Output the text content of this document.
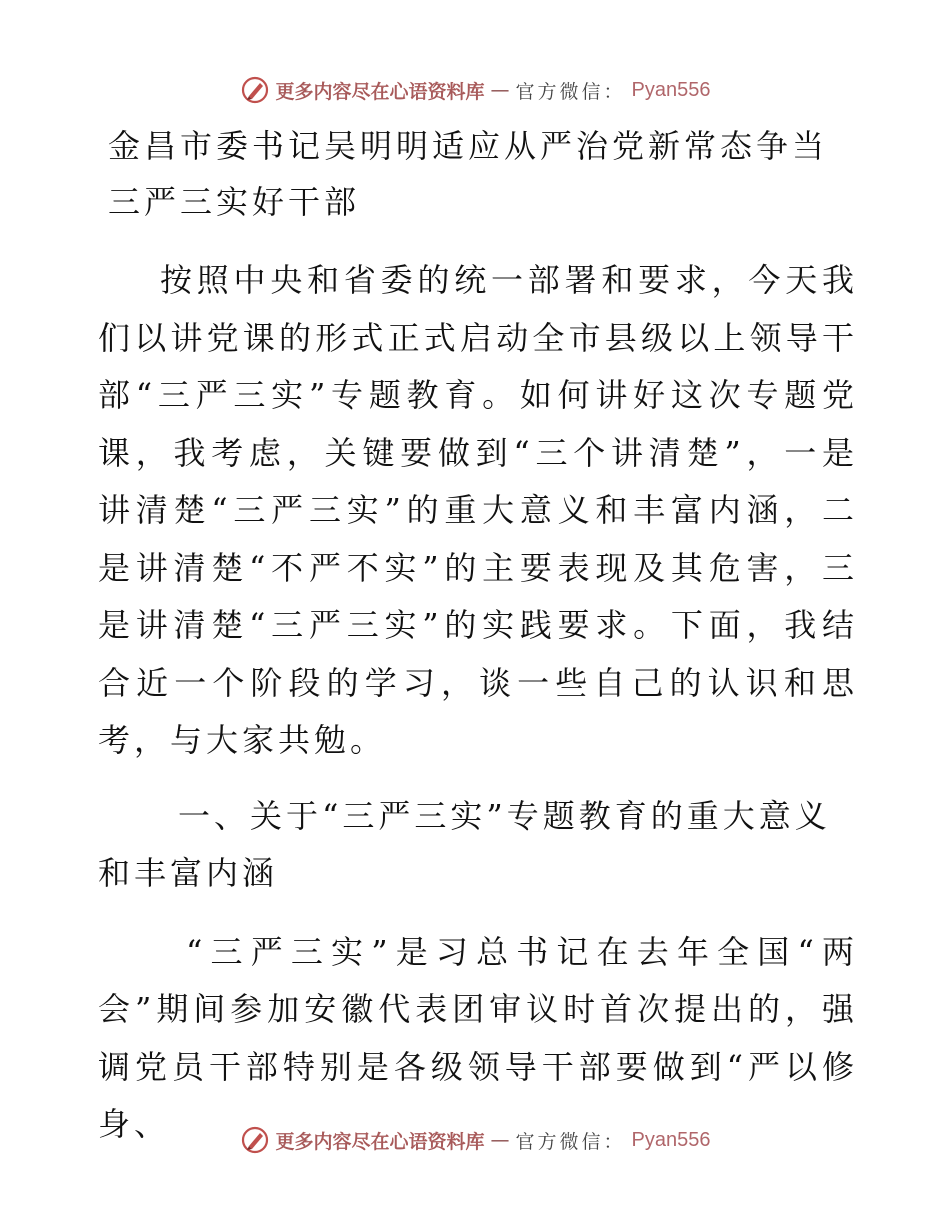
更多内容尽在心语资料库 — 官方微信： Pyan556
金昌市委书记吴明明适应从严治党新常态争当三严三实好干部

按照中央和省委的统一部署和要求，今天我们以讲党课的形式正式启动全市县级以上领导干部“三严三实”专题教育。如何讲好这次专题党课，我考虑，关键要做到“三个讲清楚”，一是讲清楚“三严三实”的重大意义和丰富内涵，二是讲清楚“不严不实”的主要表现及其危害，三是讲清楚“三严三实”的实践要求。下面，我结合近一个阶段的学习，谈一些自己的认识和思考，与大家共勉。

一、关于“三严三实”专题教育的重大意义和丰富内涵

“三严三实”是习总书记在去年全国“两会”期间参加安徽代表团审议时首次提出的，强调党员干部特别是各级领导干部要做到“严以修身、	更多内容尽在心语资料库 — 官方微信： Pyan556
